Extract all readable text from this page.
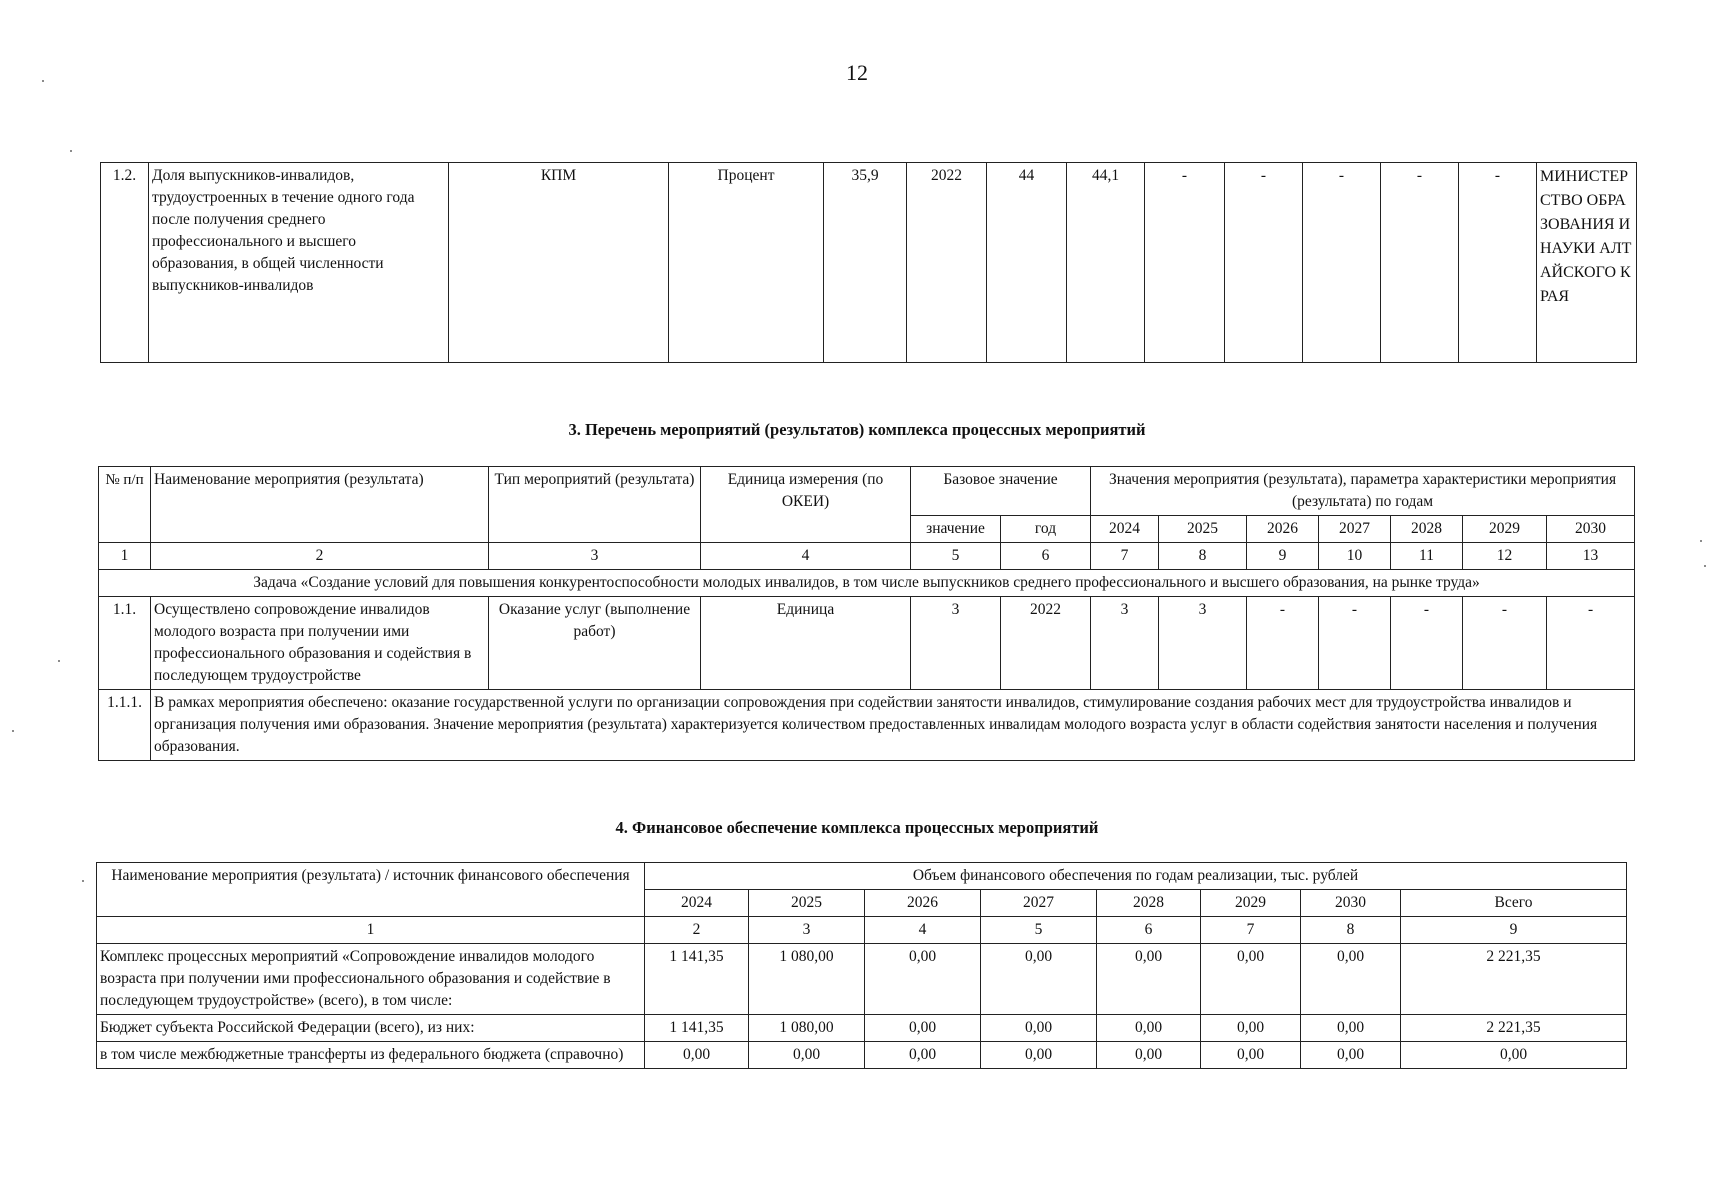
12
1.2.	Доля выпускников-инвалидов, трудоустроенных в течение одного года после получения среднего профессионального и высшего образования, в общей численности выпускников-инвалидов	КПМ	Процент	35,9	2022	44	44,1	-	-	-	-	-	МИНИСТЕРСТВО ОБРАЗОВАНИЯ И НАУКИ АЛТАЙСКОГО КРАЯ
3. Перечень мероприятий (результатов) комплекса процессных мероприятий
№ п/п	Наименование мероприятия (результата)	Тип мероприятий (результата)	Единица измерения (по ОКЕИ)	Базовое значение		Значения мероприятия (результата), параметра характеристики мероприятия (результата) по годам						
				значение	год	2024	2025	2026	2027	2028	2029	2030
1	2	3	4	5	6	7	8	9	10	11	12	13
Задача «Создание условий для повышения конкурентоспособности молодых инвалидов, в том числе выпускников среднего профессионального и высшего образования, на рынке труда»												
1.1.	Осуществлено сопровождение инвалидов молодого возраста при получении ими профессионального образования и содействия в последующем трудоустройстве	Оказание услуг (выполнение работ)	Единица	3	2022	3	3	-	-	-	-	-
1.1.1.	В рамках мероприятия обеспечено: оказание государственной услуги по организации сопровождения при содействии занятости инвалидов, стимулирование создания рабочих мест для трудоустройства инвалидов и организация получения ими образования. Значение мероприятия (результата) характеризуется количеством предоставленных инвалидам молодого возраста услуг в области содействия занятости населения и получения образования.											
4. Финансовое обеспечение комплекса процессных мероприятий
Наименование мероприятия (результата) / источник финансового обеспечения	Объем финансового обеспечения по годам реализации, тыс. рублей							
	2024	2025	2026	2027	2028	2029	2030	Всего
1	2	3	4	5	6	7	8	9
Комплекс процессных мероприятий «Сопровождение инвалидов молодого возраста при получении ими профессионального образования и содействие в последующем трудоустройстве» (всего), в том числе:	1 141,35	1 080,00	0,00	0,00	0,00	0,00	0,00	2 221,35
Бюджет субъекта Российской Федерации (всего), из них:	1 141,35	1 080,00	0,00	0,00	0,00	0,00	0,00	2 221,35
в том числе межбюджетные трансферты из федерального бюджета (справочно)	0,00	0,00	0,00	0,00	0,00	0,00	0,00	0,00
